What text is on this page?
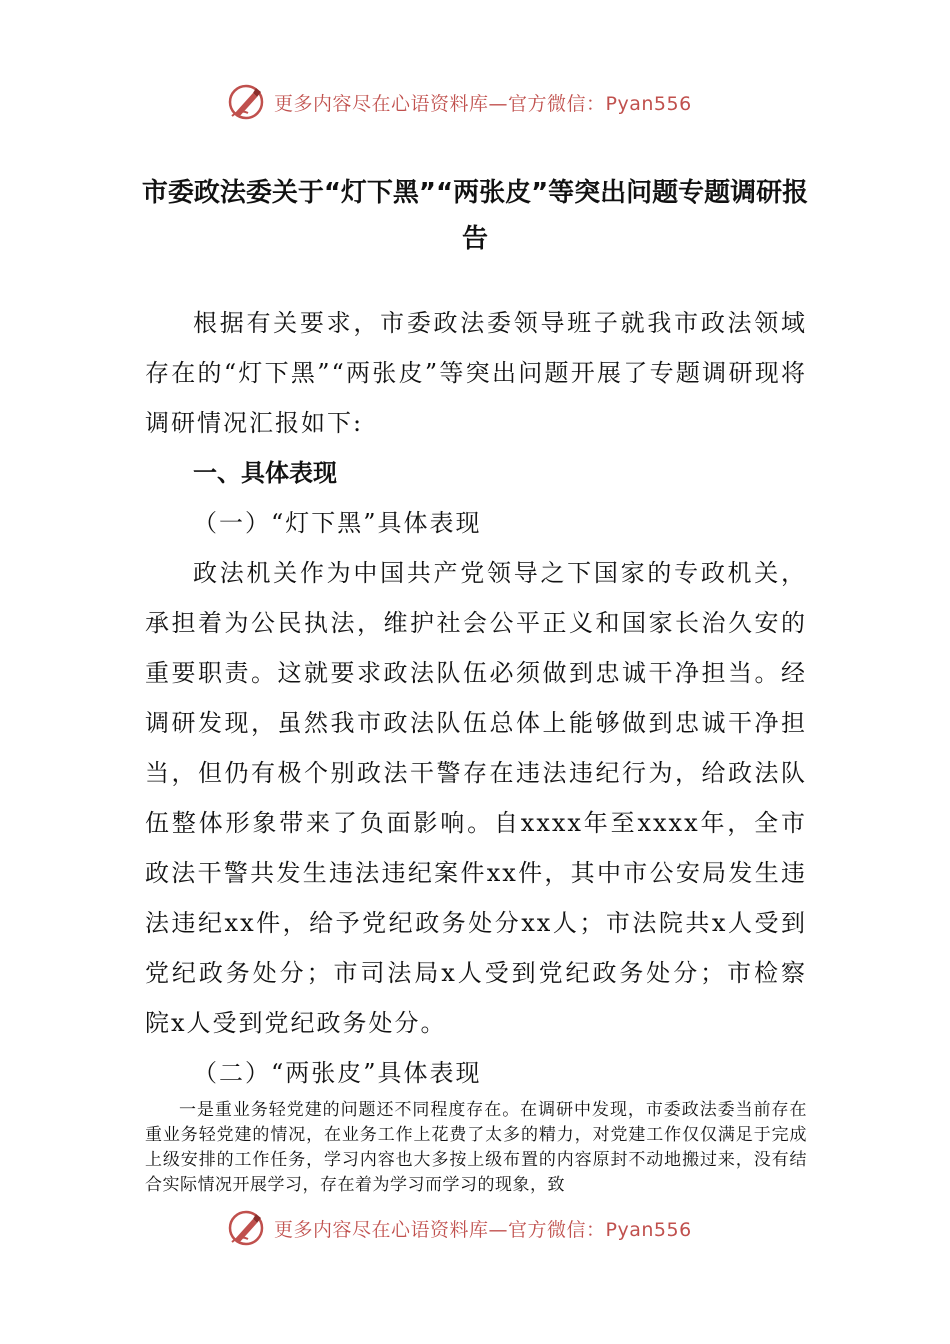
更多内容尽在心语资料库—官方微信：Pyan556
市委政法委关于“灯下黑”“两张皮”等突出问题专题调研报告

根据有关要求，市委政法委领导班子就我市政法领域存在的“灯下黑”“两张皮”等突出问题开展了专题调研现将调研情况汇报如下:

一、具体表现

（一）“灯下黑”具体表现

政法机关作为中国共产党领导之下国家的专政机关，承担着为公民执法，维护社会公平正义和国家长治久安的重要职责。这就要求政法队伍必须做到忠诚干净担当。经调研发现，虽然我市政法队伍总体上能够做到忠诚干净担当，但仍有极个别政法干警存在违法违纪行为，给政法队伍整体形象带来了负面影响。自xxxx年至xxxx年，全市政法干警共发生违法违纪案件xx件，其中市公安局发生违法违纪xx件，给予党纪政务处分xx人；市法院共x人受到党纪政务处分；市司法局x人受到党纪政务处分；市检察院x人受到党纪政务处分。

（二）“两张皮”具体表现

一是重业务轻党建的问题还不同程度存在。在调研中发现，市委政法委当前存在重业务轻党建的情况，在业务工作上花费了太多的精力，对党建工作仅仅满足于完成上级安排的工作任务，学习内容也大多按上级布置的内容原封不动地搬过来，没有结合实际情况开展学习，存在着为学习而学习的现象，致

更多内容尽在心语资料库—官方微信：Pyan556
